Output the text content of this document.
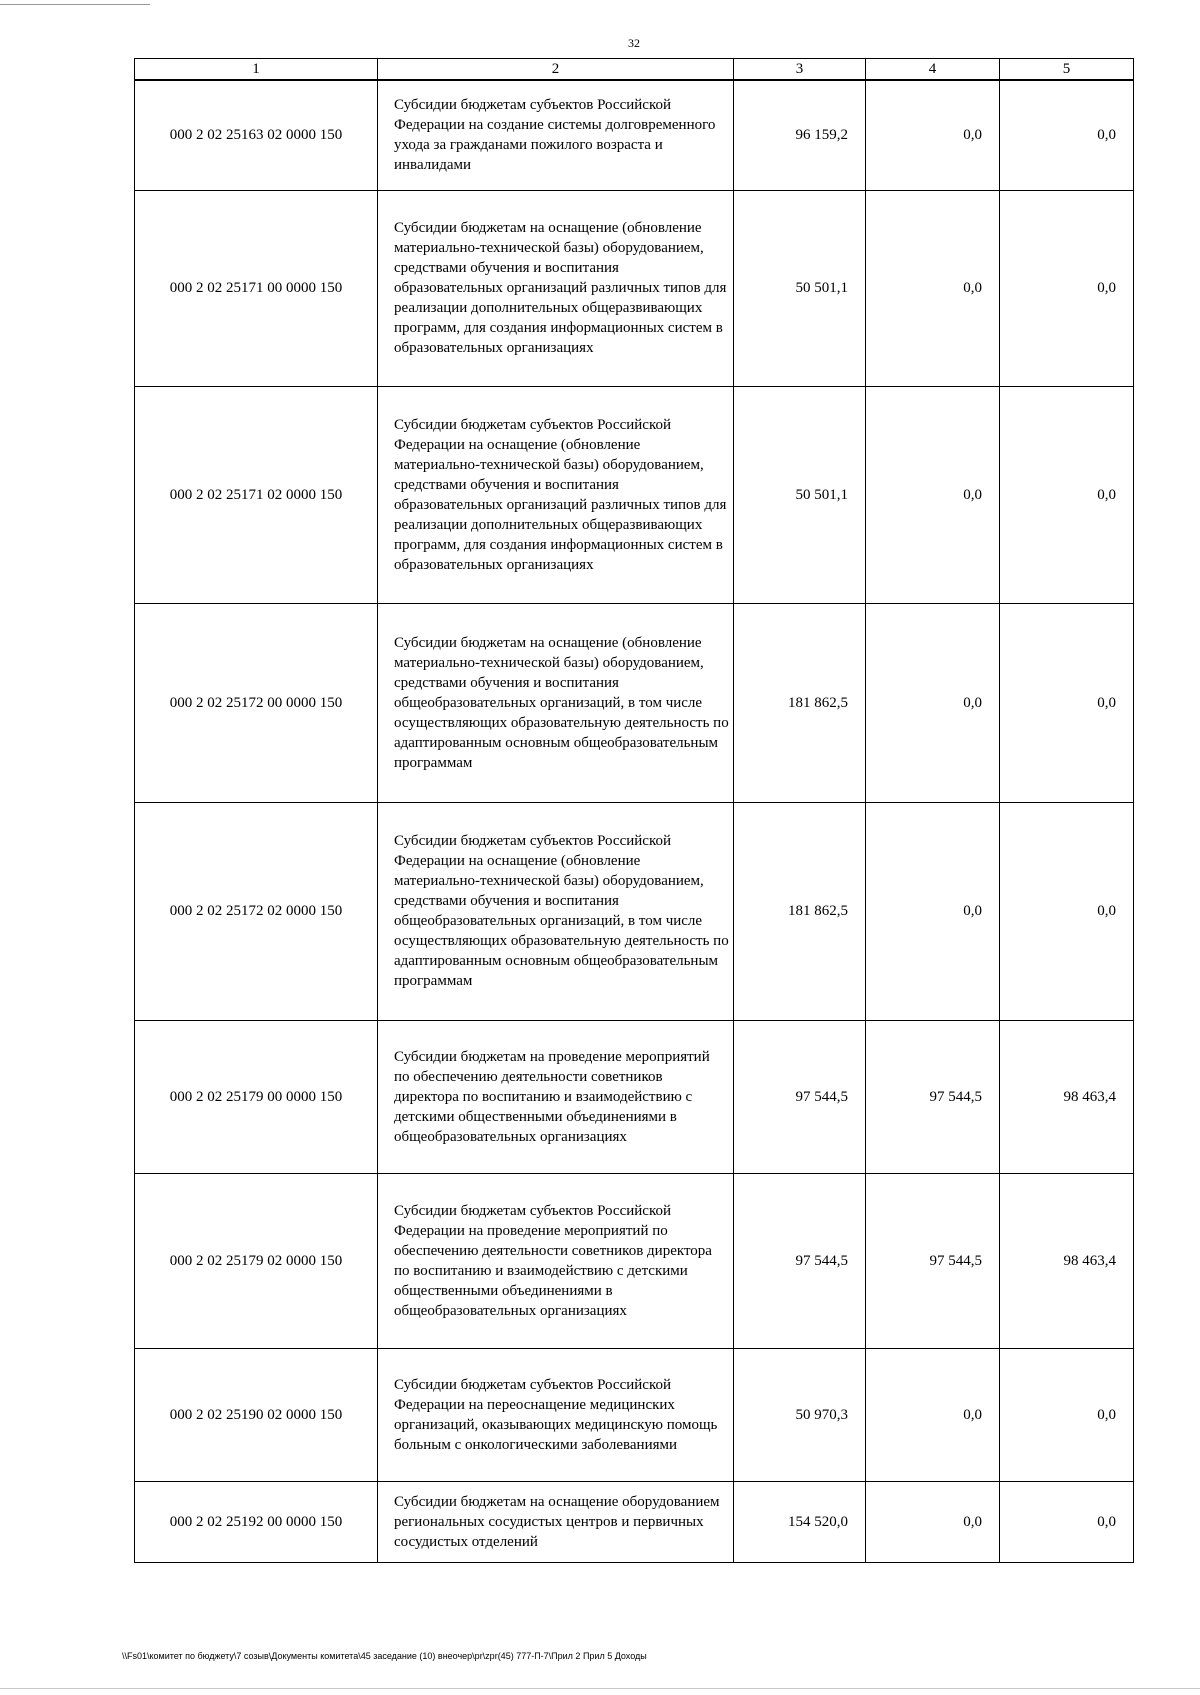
32
1	2	3	4	5
000 2 02 25163 02 0000 150	Субсидии бюджетам субъектов Российской Федерации на создание системы долговременного ухода за гражданами пожилого возраста и инвалидами	96 159,2	0,0	0,0
000 2 02 25171 00 0000 150	Субсидии бюджетам на оснащение (обновление материально-технической базы) оборудованием, средствами обучения и воспитания образовательных организаций различных типов для реализации дополнительных общеразвивающих программ, для создания информационных систем в образовательных организациях	50 501,1	0,0	0,0
000 2 02 25171 02 0000 150	Субсидии бюджетам субъектов Российской Федерации на оснащение (обновление материально-технической базы) оборудованием, средствами обучения и воспитания образовательных организаций различных типов для реализации дополнительных общеразвивающих программ, для создания информационных систем в образовательных организациях	50 501,1	0,0	0,0
000 2 02 25172 00 0000 150	Субсидии бюджетам на оснащение (обновление материально-технической базы) оборудованием, средствами обучения и воспитания общеобразовательных организаций, в том числе осуществляющих образовательную деятельность по адаптированным основным общеобразовательным программам	181 862,5	0,0	0,0
000 2 02 25172 02 0000 150	Субсидии бюджетам субъектов Российской Федерации на оснащение (обновление материально-технической базы) оборудованием, средствами обучения и воспитания общеобразовательных организаций, в том числе осуществляющих образовательную деятельность по адаптированным основным общеобразовательным программам	181 862,5	0,0	0,0
000 2 02 25179 00 0000 150	Субсидии бюджетам на проведение мероприятий по обеспечению деятельности советников директора по воспитанию и взаимодействию с детскими общественными объединениями в общеобразовательных организациях	97 544,5	97 544,5	98 463,4
000 2 02 25179 02 0000 150	Субсидии бюджетам субъектов Российской Федерации на проведение мероприятий по обеспечению деятельности советников директора по воспитанию и взаимодействию с детскими общественными объединениями в общеобразовательных организациях	97 544,5	97 544,5	98 463,4
000 2 02 25190 02 0000 150	Субсидии бюджетам субъектов Российской Федерации на переоснащение медицинских организаций, оказывающих медицинскую помощь больным с онкологическими заболеваниями	50 970,3	0,0	0,0
000 2 02 25192 00 0000 150	Субсидии бюджетам на оснащение оборудованием региональных сосудистых центров и первичных сосудистых отделений	154 520,0	0,0	0,0
\\Fs01\комитет по бюджету\7 созыв\Документы комитета\45 заседание (10) внеочер\pr\zpr(45) 777-П-7\Прил 2 Прил 5 Доходы
